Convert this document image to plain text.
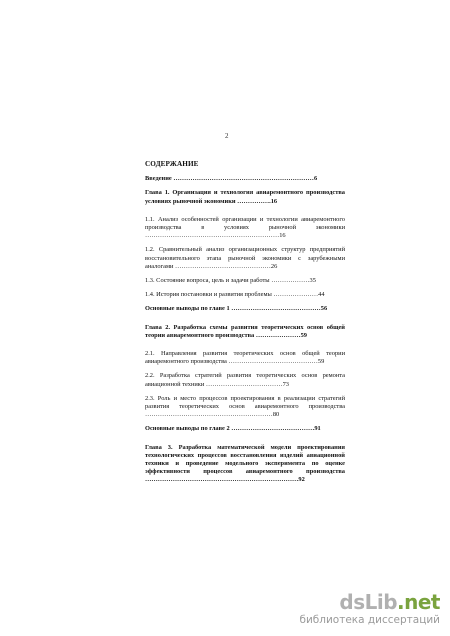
2
СОДЕРЖАНИЕ
Введение …………………………………………………………6
Глава 1. Организация и технология авиаремонтного производства условиях рыночной экономики …………….16
1.1. Анализ особенностей организации и технологии авиаремонтного производства в условиях рыночной экономики ………………………………………………………16
1.2. Сравнительный анализ организационных структур предприятий восстановительного этапа рыночной экономики с зарубежными аналогами ………………………………………26
1.3. Состояние вопроса, цель и задачи работы ………………35
1.4. История постановки и развития проблемы …………………44
Основные выводы по главе 1 ……………………………………56
Глава 2. Разработка схемы развития теоретических основ общей теории авиаремонтного производства …………………59
2.1. Направления развития теоретических основ общей теории авиаремонтного производства ……………………………………59
2.2. Разработка стратегий развития теоретических основ ремонта авиационной техники ………………………………73
2.3. Роль и место процессов проектирования в реализации стратегий развития теоретических основ авиаремонтного производства ……………………………………………………80
Основные выводы по главе 2 …………………………………91
Глава 3. Разработка математической модели проектирования технологических процессов восстановления изделий авиационной техники и проведение модельного эксперимента по оценке эффективности процессов авиаремонтного производства ………………………………………………………………92
dsLib.net
библиотека диссертаций
